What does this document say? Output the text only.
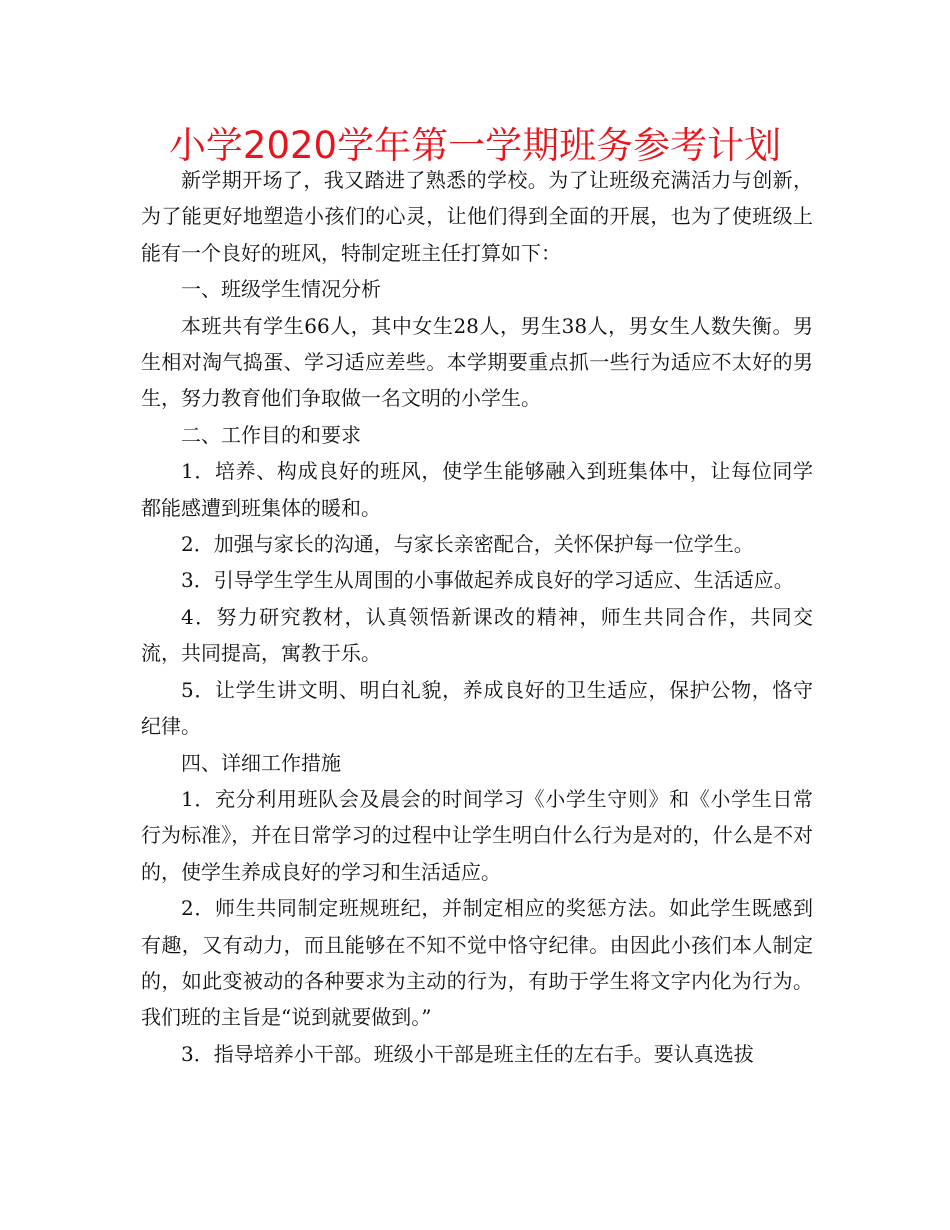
小学2020学年第一学期班务参考计划

新学期开场了，我又踏进了熟悉的学校。为了让班级充满活力与创新，为了能更好地塑造小孩们的心灵，让他们得到全面的开展，也为了使班级上能有一个良好的班风，特制定班主任打算如下：

一、班级学生情况分析

本班共有学生66人，其中女生28人，男生38人，男女生人数失衡。男生相对淘气捣蛋、学习适应差些。本学期要重点抓一些行为适应不太好的男生，努力教育他们争取做一名文明的小学生。

二、工作目的和要求

1．培养、构成良好的班风，使学生能够融入到班集体中，让每位同学都能感遭到班集体的暖和。

2．加强与家长的沟通，与家长亲密配合，关怀保护每一位学生。

3．引导学生学生从周围的小事做起养成良好的学习适应、生活适应。

4．努力研究教材，认真领悟新课改的精神，师生共同合作，共同交流，共同提高，寓教于乐。

5．让学生讲文明、明白礼貌，养成良好的卫生适应，保护公物，恪守纪律。

四、详细工作措施

1．充分利用班队会及晨会的时间学习《小学生守则》和《小学生日常行为标准》，并在日常学习的过程中让学生明白什么行为是对的，什么是不对的，使学生养成良好的学习和生活适应。

2．师生共同制定班规班纪，并制定相应的奖惩方法。如此学生既感到有趣，又有动力，而且能够在不知不觉中恪守纪律。由因此小孩们本人制定的，如此变被动的各种要求为主动的行为，有助于学生将文字内化为行为。我们班的主旨是“说到就要做到。”

3．指导培养小干部。班级小干部是班主任的左右手。要认真选拔
